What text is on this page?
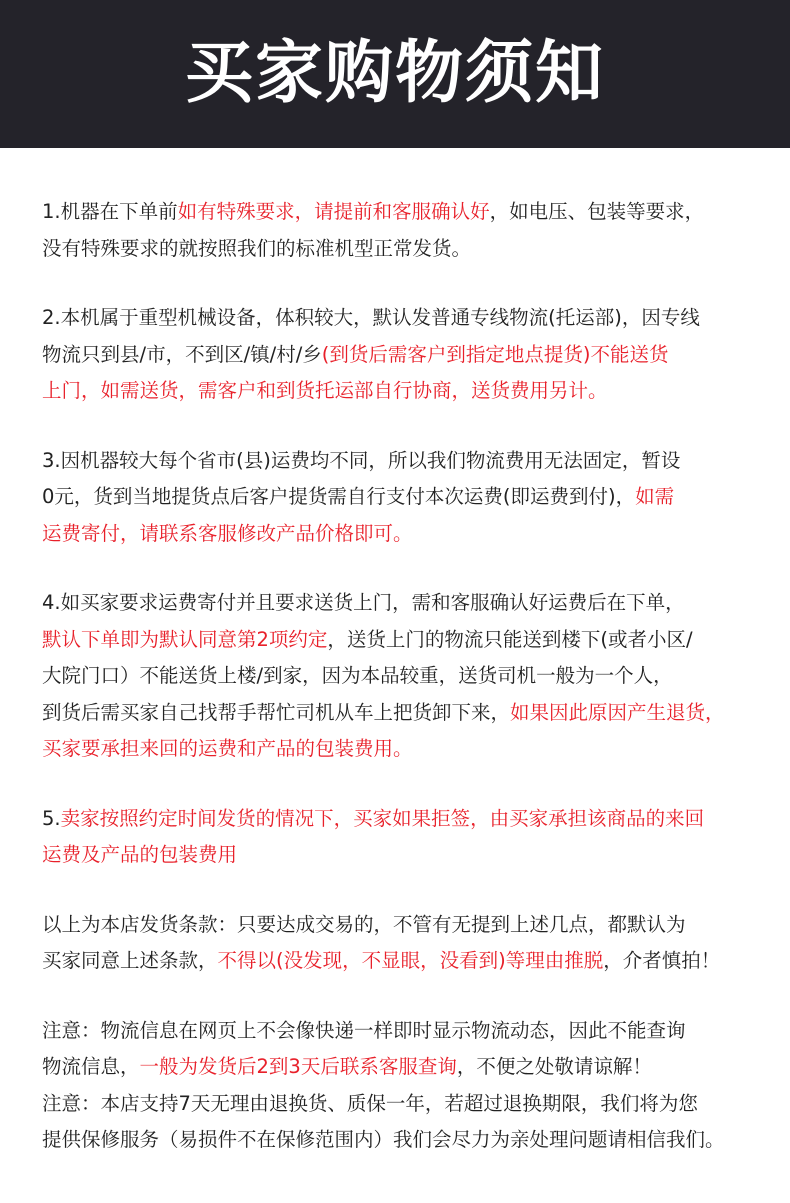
买家购物须知
1.机器在下单前如有特殊要求，请提前和客服确认好，如电压、包装等要求，
没有特殊要求的就按照我们的标准机型正常发货。
2.本机属于重型机械设备，体积较大，默认发普通专线物流(托运部)，因专线
物流只到县/市，不到区/镇/村/乡(到货后需客户到指定地点提货)不能送货
上门，如需送货，需客户和到货托运部自行协商，送货费用另计。
3.因机器较大每个省市(县)运费均不同，所以我们物流费用无法固定，暂设
0元，货到当地提货点后客户提货需自行支付本次运费(即运费到付)，如需
运费寄付，请联系客服修改产品价格即可。
4.如买家要求运费寄付并且要求送货上门，需和客服确认好运费后在下单，
默认下单即为默认同意第2项约定，送货上门的物流只能送到楼下(或者小区/
大院门口）不能送货上楼/到家，因为本品较重，送货司机一般为一个人，
到货后需买家自己找帮手帮忙司机从车上把货卸下来，如果因此原因产生退货，
买家要承担来回的运费和产品的包装费用。
5.卖家按照约定时间发货的情况下，买家如果拒签，由买家承担该商品的来回
运费及产品的包装费用
以上为本店发货条款：只要达成交易的，不管有无提到上述几点，都默认为
买家同意上述条款，不得以(没发现，不显眼，没看到)等理由推脱，介者慎拍！
注意：物流信息在网页上不会像快递一样即时显示物流动态，因此不能查询
物流信息，一般为发货后2到3天后联系客服查询，不便之处敬请谅解！
注意：本店支持7天无理由退换货、质保一年，若超过退换期限，我们将为您
提供保修服务（易损件不在保修范围内）我们会尽力为亲处理问题请相信我们。
